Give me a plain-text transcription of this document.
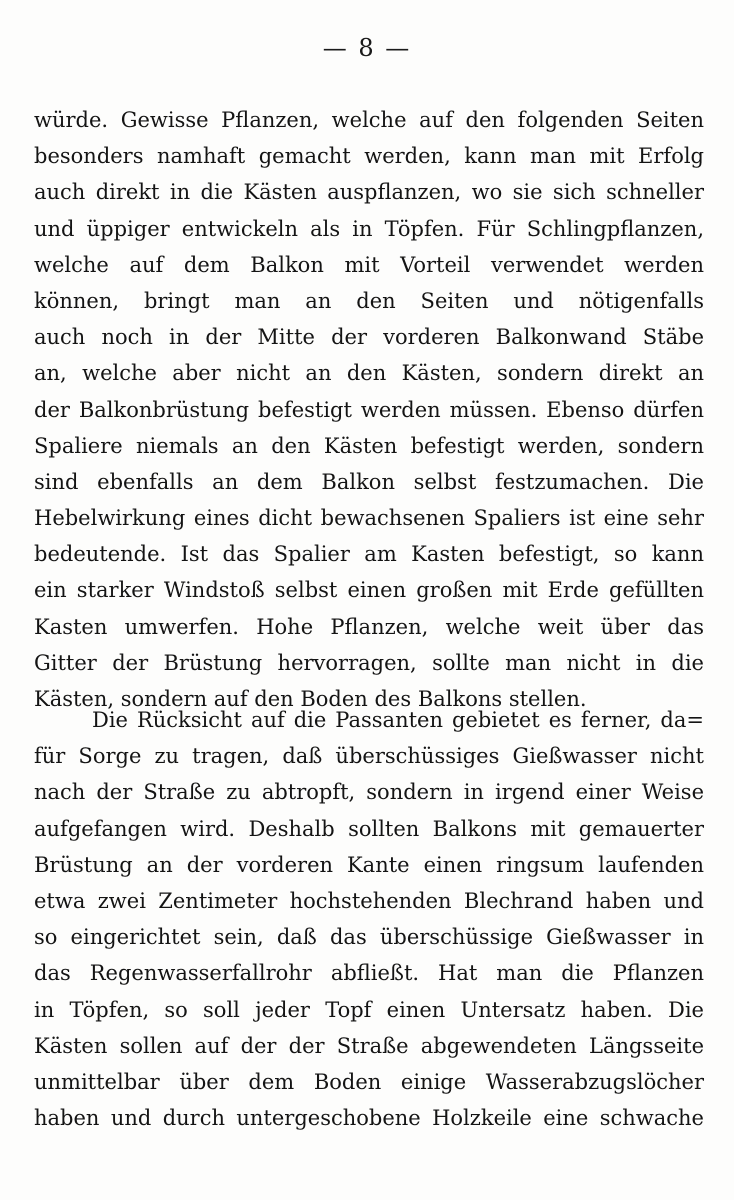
— 8 —
würde. Gewisse Pflanzen, welche auf den folgenden Seiten
besonders namhaft gemacht werden, kann man mit Erfolg
auch direkt in die Kästen auspflanzen, wo sie sich schneller
und üppiger entwickeln als in Töpfen. Für Schlingpflanzen,
welche auf dem Balkon mit Vorteil verwendet werden
können, bringt man an den Seiten und nötigenfalls
auch noch in der Mitte der vorderen Balkonwand Stäbe
an, welche aber nicht an den Kästen, sondern direkt an
der Balkonbrüstung befestigt werden müssen. Ebenso dürfen
Spaliere niemals an den Kästen befestigt werden, sondern
sind ebenfalls an dem Balkon selbst festzumachen. Die
Hebelwirkung eines dicht bewachsenen Spaliers ist eine sehr
bedeutende. Ist das Spalier am Kasten befestigt, so kann
ein starker Windstoß selbst einen großen mit Erde gefüllten
Kasten umwerfen. Hohe Pflanzen, welche weit über das
Gitter der Brüstung hervorragen, sollte man nicht in die
Kästen, sondern auf den Boden des Balkons stellen.
Die Rücksicht auf die Passanten gebietet es ferner, da=
für Sorge zu tragen, daß überschüssiges Gießwasser nicht
nach der Straße zu abtropft, sondern in irgend einer Weise
aufgefangen wird. Deshalb sollten Balkons mit gemauerter
Brüstung an der vorderen Kante einen ringsum laufenden
etwa zwei Zentimeter hochstehenden Blechrand haben und
so eingerichtet sein, daß das überschüssige Gießwasser in
das Regenwasserfallrohr abfließt. Hat man die Pflanzen
in Töpfen, so soll jeder Topf einen Untersatz haben. Die
Kästen sollen auf der der Straße abgewendeten Längsseite
unmittelbar über dem Boden einige Wasserabzugslöcher
haben und durch untergeschobene Holzkeile eine schwache
